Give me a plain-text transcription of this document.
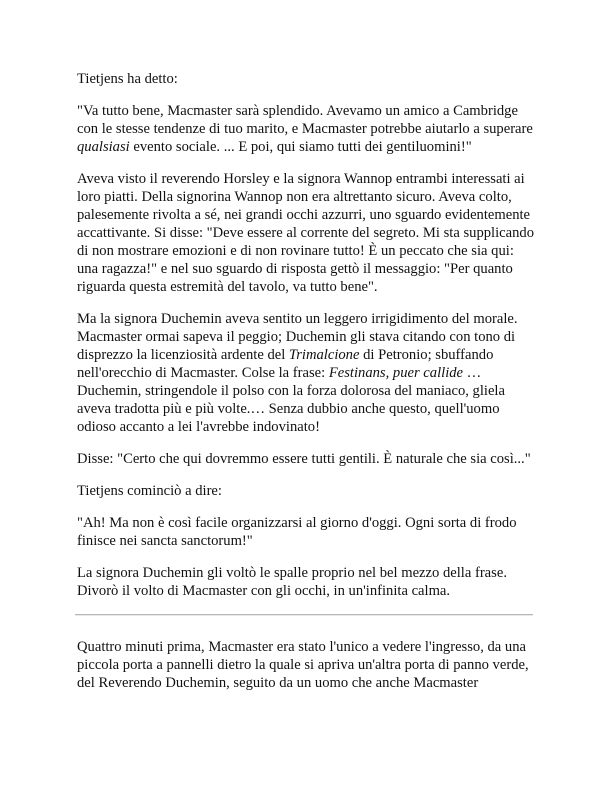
Tietjens ha detto:

"Va tutto bene, Macmaster sarà splendido. Avevamo un amico a Cambridge con le stesse tendenze di tuo marito, e Macmaster potrebbe aiutarlo a superare qualsiasi evento sociale. ... E poi, qui siamo tutti dei gentiluomini!"

Aveva visto il reverendo Horsley e la signora Wannop entrambi interessati ai loro piatti. Della signorina Wannop non era altrettanto sicuro. Aveva colto, palesemente rivolta a sé, nei grandi occhi azzurri, uno sguardo evidentemente accattivante. Si disse: "Deve essere al corrente del segreto. Mi sta supplicando di non mostrare emozioni e di non rovinare tutto! È un peccato che sia qui: una ragazza!" e nel suo sguardo di risposta gettò il messaggio: "Per quanto riguarda questa estremità del tavolo, va tutto bene".

Ma la signora Duchemin aveva sentito un leggero irrigidimento del morale. Macmaster ormai sapeva il peggio; Duchemin gli stava citando con tono di disprezzo la licenziosità ardente del Trimalcione di Petronio; sbuffando nell'orecchio di Macmaster. Colse la frase: Festinans, puer callide … Duchemin, stringendole il polso con la forza dolorosa del maniaco, gliela aveva tradotta più e più volte.… Senza dubbio anche questo, quell'uomo odioso accanto a lei l'avrebbe indovinato!

Disse: "Certo che qui dovremmo essere tutti gentili. È naturale che sia così..."

Tietjens cominciò a dire:

"Ah! Ma non è così facile organizzarsi al giorno d'oggi. Ogni sorta di frodo finisce nei sancta sanctorum!"

La signora Duchemin gli voltò le spalle proprio nel bel mezzo della frase. Divorò il volto di Macmaster con gli occhi, in un'infinita calma.

Quattro minuti prima, Macmaster era stato l'unico a vedere l'ingresso, da una piccola porta a pannelli dietro la quale si apriva un'altra porta di panno verde, del Reverendo Duchemin, seguito da un uomo che anche Macmaster
